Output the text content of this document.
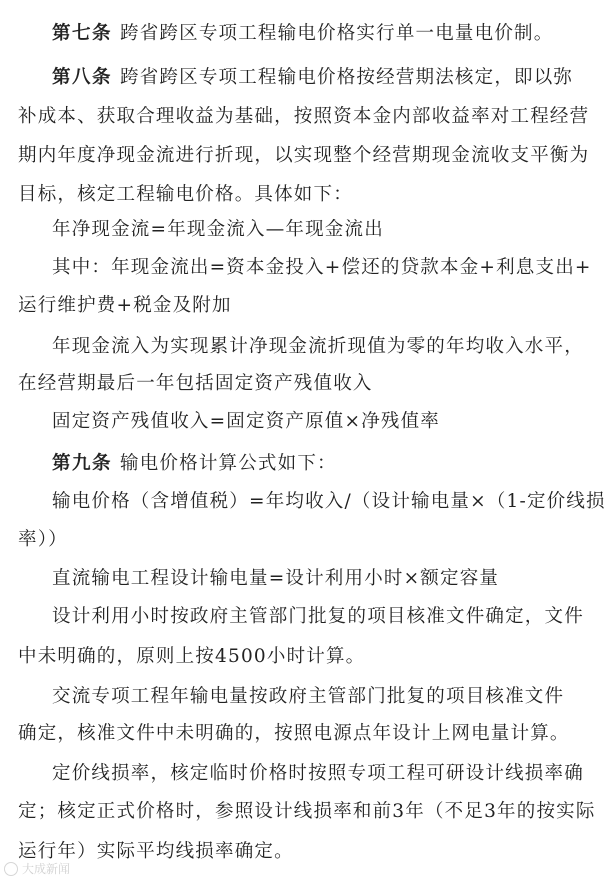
第七条 跨省跨区专项工程输电价格实行单一电量电价制。
第八条 跨省跨区专项工程输电价格按经营期法核定，即以弥
补成本、获取合理收益为基础，按照资本金内部收益率对工程经营
期内年度净现金流进行折现，以实现整个经营期现金流收支平衡为
目标，核定工程输电价格。具体如下：
年净现金流=年现金流入—年现金流出
其中：年现金流出=资本金投入+偿还的贷款本金+利息支出+
运行维护费+税金及附加
年现金流入为实现累计净现金流折现值为零的年均收入水平，
在经营期最后一年包括固定资产残值收入
固定资产残值收入=固定资产原值×净残值率
第九条 输电价格计算公式如下：
输电价格（含增值税）=年均收入/（设计输电量×（1-定价线损
率））
直流输电工程设计输电量=设计利用小时×额定容量
设计利用小时按政府主管部门批复的项目核准文件确定，文件
中未明确的，原则上按4500小时计算。
交流专项工程年输电量按政府主管部门批复的项目核准文件
确定，核准文件中未明确的，按照电源点年设计上网电量计算。
定价线损率，核定临时价格时按照专项工程可研设计线损率确
定；核定正式价格时，参照设计线损率和前3年（不足3年的按实际
运行年）实际平均线损率确定。
大成新闻
